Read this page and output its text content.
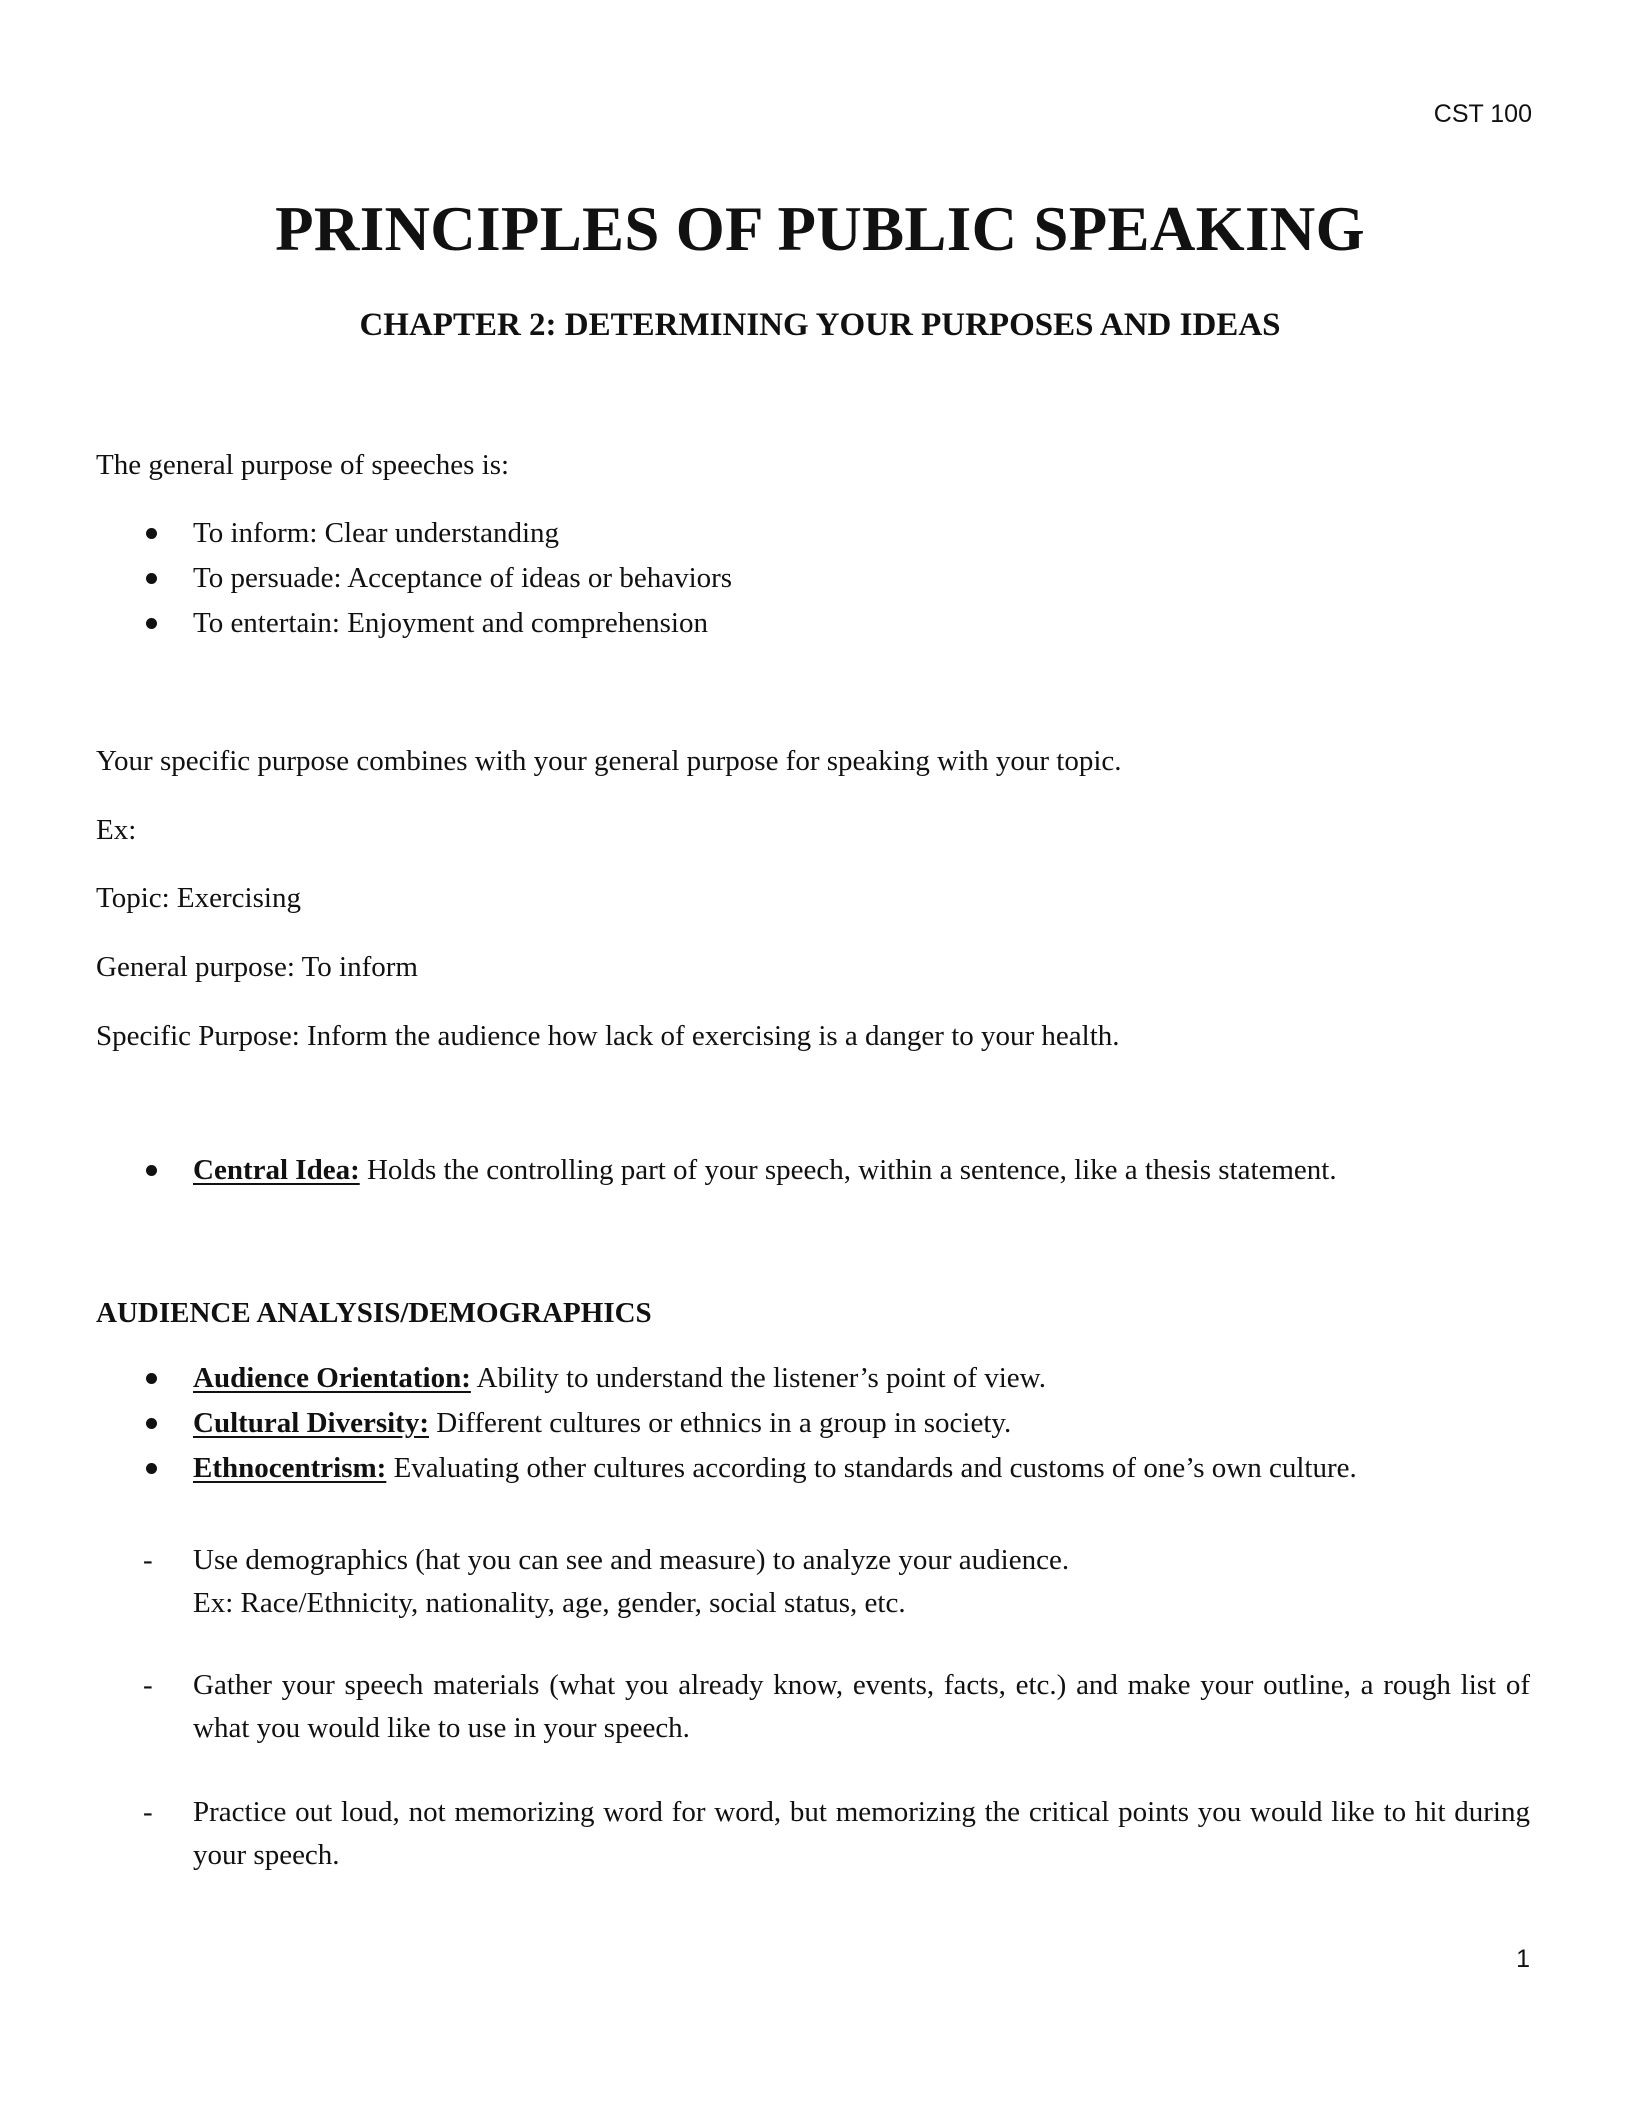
CST 100
PRINCIPLES OF PUBLIC SPEAKING
CHAPTER 2: DETERMINING YOUR PURPOSES AND IDEAS

The general purpose of speeches is:

To inform: Clear understanding
To persuade: Acceptance of ideas or behaviors
To entertain: Enjoyment and comprehension

Your specific purpose combines with your general purpose for speaking with your topic.

Ex:

Topic: Exercising

General purpose: To inform

Specific Purpose: Inform the audience how lack of exercising is a danger to your health.

Central Idea: Holds the controlling part of your speech, within a sentence, like a thesis statement.
AUDIENCE ANALYSIS/DEMOGRAPHICS
Audience Orientation: Ability to understand the listener’s point of view.
Cultural Diversity: Different cultures or ethnics in a group in society.
Ethnocentrism: Evaluating other cultures according to standards and customs of one’s own culture.
- Use demographics (hat you can see and measure) to analyze your audience.
Ex: Race/Ethnicity, nationality, age, gender, social status, etc.
- Gather your speech materials (what you already know, events, facts, etc.) and make your outline, a rough list of what you would like to use in your speech.
- Practice out loud, not memorizing word for word, but memorizing the critical points you would like to hit during your speech.
1
